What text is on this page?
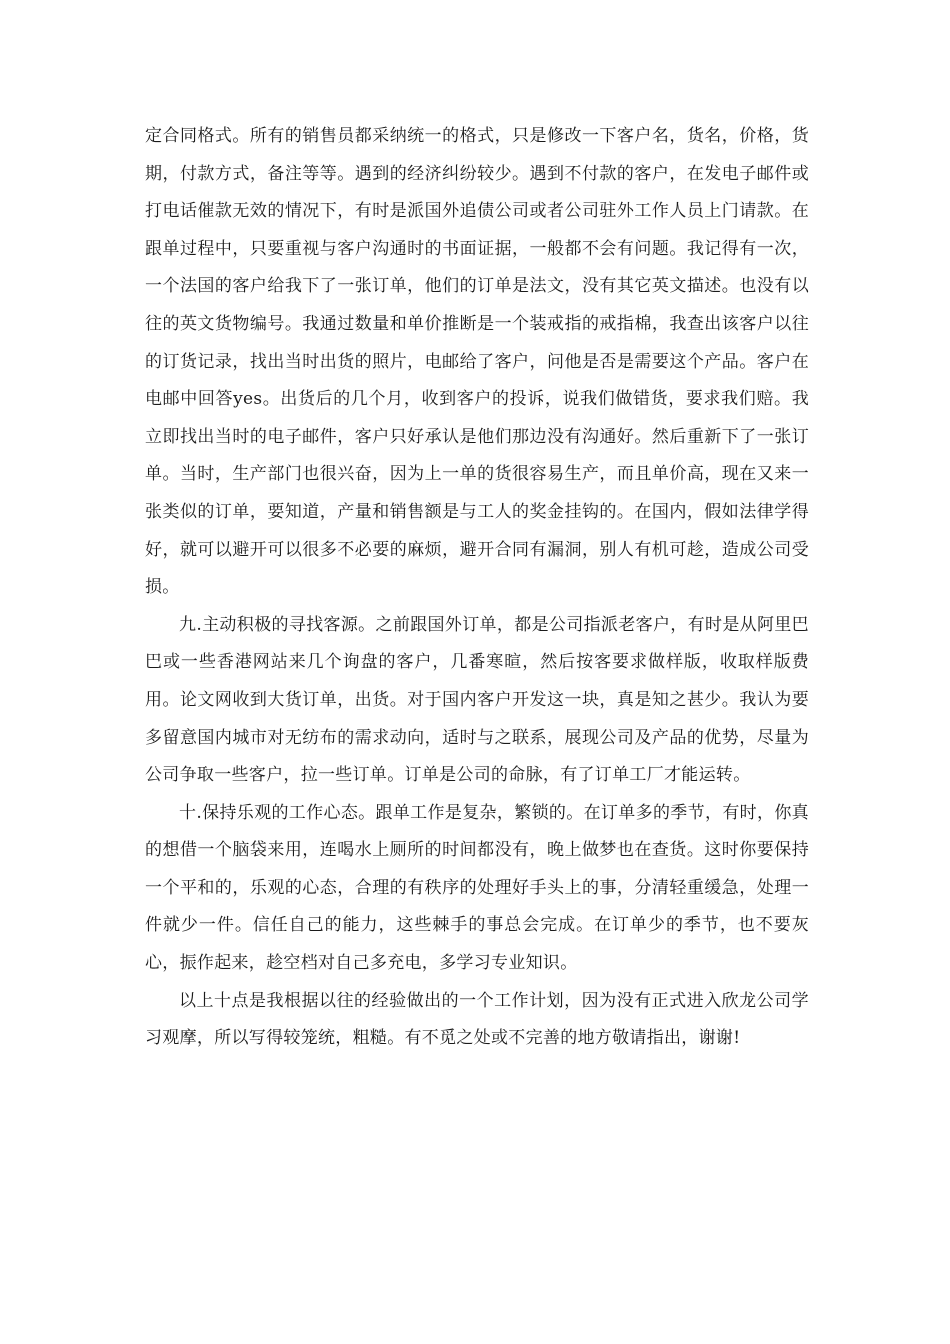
定合同格式。所有的销售员都采纳统一的格式，只是修改一下客户名，货名，价格，货期，付款方式，备注等等。遇到的经济纠纷较少。遇到不付款的客户，在发电子邮件或打电话催款无效的情况下，有时是派国外追债公司或者公司驻外工作人员上门请款。在跟单过程中，只要重视与客户沟通时的书面证据，一般都不会有问题。我记得有一次，一个法国的客户给我下了一张订单，他们的订单是法文，没有其它英文描述。也没有以往的英文货物编号。我通过数量和单价推断是一个装戒指的戒指棉，我查出该客户以往的订货记录，找出当时出货的照片，电邮给了客户，问他是否是需要这个产品。客户在电邮中回答yes。出货后的几个月，收到客户的投诉，说我们做错货，要求我们赔。我立即找出当时的电子邮件，客户只好承认是他们那边没有沟通好。然后重新下了一张订单。当时，生产部门也很兴奋，因为上一单的货很容易生产，而且单价高，现在又来一张类似的订单，要知道，产量和销售额是与工人的奖金挂钩的。在国内，假如法律学得好，就可以避开可以很多不必要的麻烦，避开合同有漏洞，别人有机可趁，造成公司受损。

九.主动积极的寻找客源。之前跟国外订单，都是公司指派老客户，有时是从阿里巴巴或一些香港网站来几个询盘的客户，几番寒暄，然后按客要求做样版，收取样版费用。论文网收到大货订单，出货。对于国内客户开发这一块，真是知之甚少。我认为要多留意国内城市对无纺布的需求动向，适时与之联系，展现公司及产品的优势，尽量为公司争取一些客户，拉一些订单。订单是公司的命脉，有了订单工厂才能运转。

十.保持乐观的工作心态。跟单工作是复杂，繁锁的。在订单多的季节，有时，你真的想借一个脑袋来用，连喝水上厕所的时间都没有，晚上做梦也在查货。这时你要保持一个平和的，乐观的心态，合理的有秩序的处理好手头上的事，分清轻重缓急，处理一件就少一件。信任自己的能力，这些棘手的事总会完成。在订单少的季节，也不要灰心，振作起来，趁空档对自己多充电，多学习专业知识。

以上十点是我根据以往的经验做出的一个工作计划，因为没有正式进入欣龙公司学习观摩，所以写得较笼统，粗糙。有不觅之处或不完善的地方敬请指出，谢谢!
